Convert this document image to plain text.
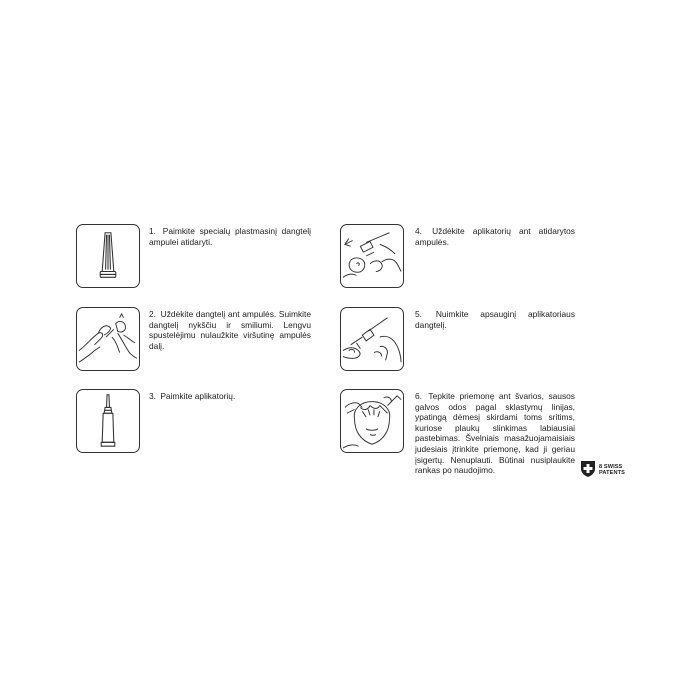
1. Paimkite specialų plastmasinį dangtelį ampulei atidaryti.
2. Uždėkite dangtelį ant ampulės. Suimkite dangtelį nykščiu ir smiliumi. Lengvu spustelėjimu nulaužkite viršutinę ampulės dalį.
3. Paimkite aplikatorių.
4. Uždėkite aplikatorių ant atidarytos ampulės.
5. Nuimkite apsauginį aplikatoriaus dangtelį.
6. Tepkite priemonę ant švarios, sausos galvos odos pagal sklastymų linijas, ypatingą dėmesį skirdami toms sritims, kuriose plaukų slinkimas labiausiai pastebimas. Švelniais masažuojamaisiais judesiais įtrinkite priemonę, kad ji geriau įsigertų. Nenuplauti. Būtinai nusiplaukite rankas po naudojimo.	8 SWISS
PATENTS
